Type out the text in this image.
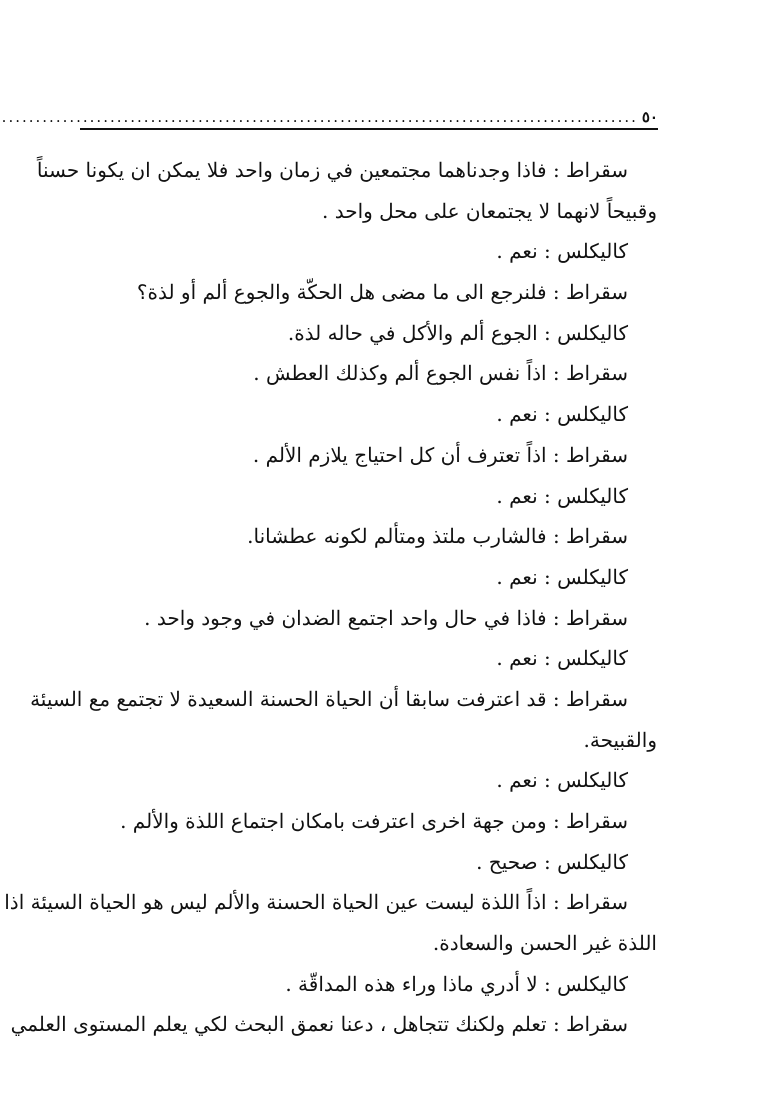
٥٠
.....
سقراط : فاذا وجدناهما مجتمعين في زمان واحد فلا يمكن ان يكونا حسناً
وقبيحاً لانهما لا يجتمعان على محل واحد .
كاليكلس : نعم .
سقراط : فلنرجع الى ما مضى هل الحكّة والجوع ألم أو لذة؟
كاليكلس : الجوع ألم والأكل في حاله لذة.
سقراط : اذاً نفس الجوع ألم وكذلك العطش .
كاليكلس : نعم .
سقراط : اذاً تعترف أن كل احتياج يلازم الألم .
كاليكلس : نعم .
سقراط : فالشارب ملتذ ومتألم لكونه عطشانا.
كاليكلس : نعم .
سقراط : فاذا في حال واحد اجتمع الضدان في وجود واحد .
كاليكلس : نعم .
سقراط : قد اعترفت سابقا أن الحياة الحسنة السعيدة لا تجتمع مع السيئة
والقبيحة.
كاليكلس : نعم .
سقراط : ومن جهة اخرى اعترفت بامكان اجتماع اللذة والألم .
كاليكلس : صحيح .
سقراط : اذاً اللذة ليست عين الحياة الحسنة والألم ليس هو الحياة السيئة اذا
اللذة غير الحسن والسعادة.
كاليكلس : لا أدري ماذا وراء هذه المداقّة .
سقراط : تعلم ولكنك تتجاهل ، دعنا نعمق البحث لكي يعلم المستوى العلمي
